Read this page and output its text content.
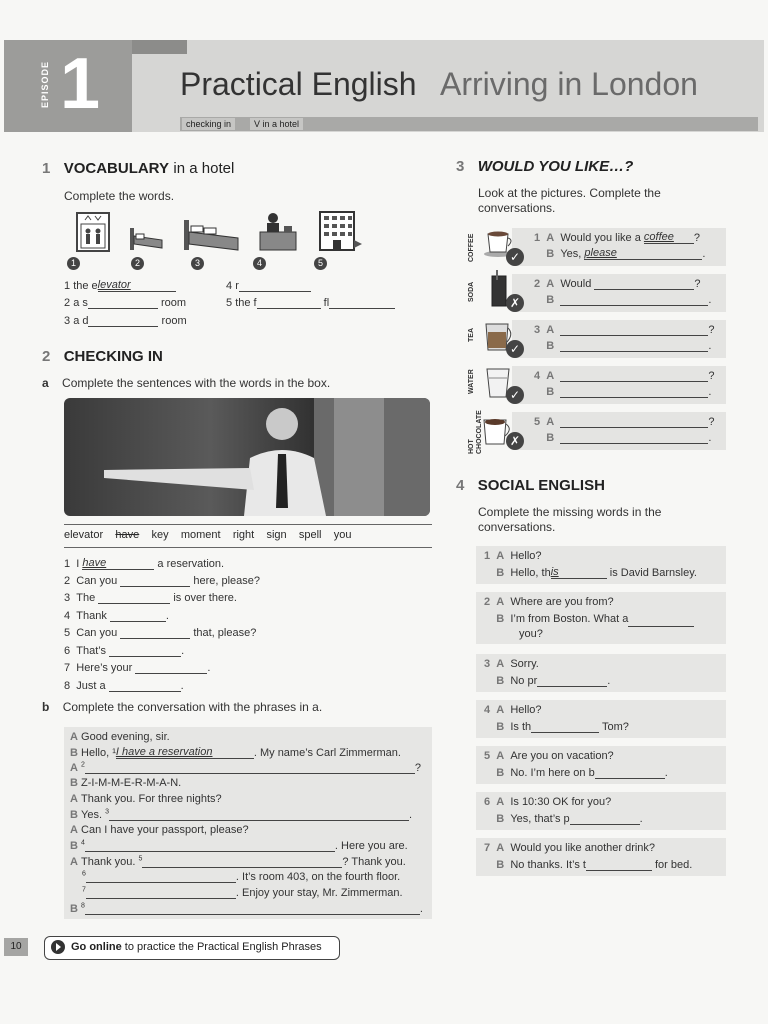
EPISODE 1 Practical English Arriving in London
checking in	V in a hotel
1 VOCABULARY in a hotel
Complete the words.
1	2	3	4	5
1 the elevator
2 a s	room
3 a d	room
4 r
5 the f	fl
2 CHECKING IN
a Complete the sentences with the words in the box.
elevator have key moment right sign spell you
1 I have	a reservation.
2 Can you	here, please?
3 The	is over there.
4 Thank	.
5 Can you	that, please?
6 That’s	.
7 Here’s your	.
8 Just a	.
b Complete the conversation with the phrases in a.
A Good evening, sir.
B Hello, ¹I have a reservation	. My name’s Carl Zimmerman.
A $^2$	?
B Z-I-M-M-E-R-M-A-N.
A Thank you. For three nights?
B Yes. $^3$	.
A Can I have your passport, please?
B $^4$	. Here you are.
A Thank you. $^5$	? Thank you.
$^6$	. It’s room 403, on the fourth floor.
$^7$	. Enjoy your stay, Mr. Zimmerman.
B $^8$	.
3 WOULD YOU LIKE…?
Look at the pictures. Complete the conversations.
COFFEE
SODA
TEA
WATER
HOT CHOCOLATE
✓
✗
✓
✓
✗
1 A Would you like a coffee ?
B Yes, please	.
2 A Would	?
B	.
3 A	?
B	.
4 A	?
B	.
5 A	?
B	.
4 SOCIAL ENGLISH
Complete the missing words in the conversations.
1 A Hello?
B Hello, this	is David Barnsley.
2 A Where are you from?
B I’m from Boston. What a
you?
3 A Sorry.
B No pr	.
4 A Hello?
B Is th	Tom?
5 A Are you on vacation?
B No. I’m here on b	.
6 A Is 10:30 OK for you?
B Yes, that’s p	.
7 A Would you like another drink?
B No thanks. It’s t	for bed.
10	Go online to practice the Practical English Phrases
